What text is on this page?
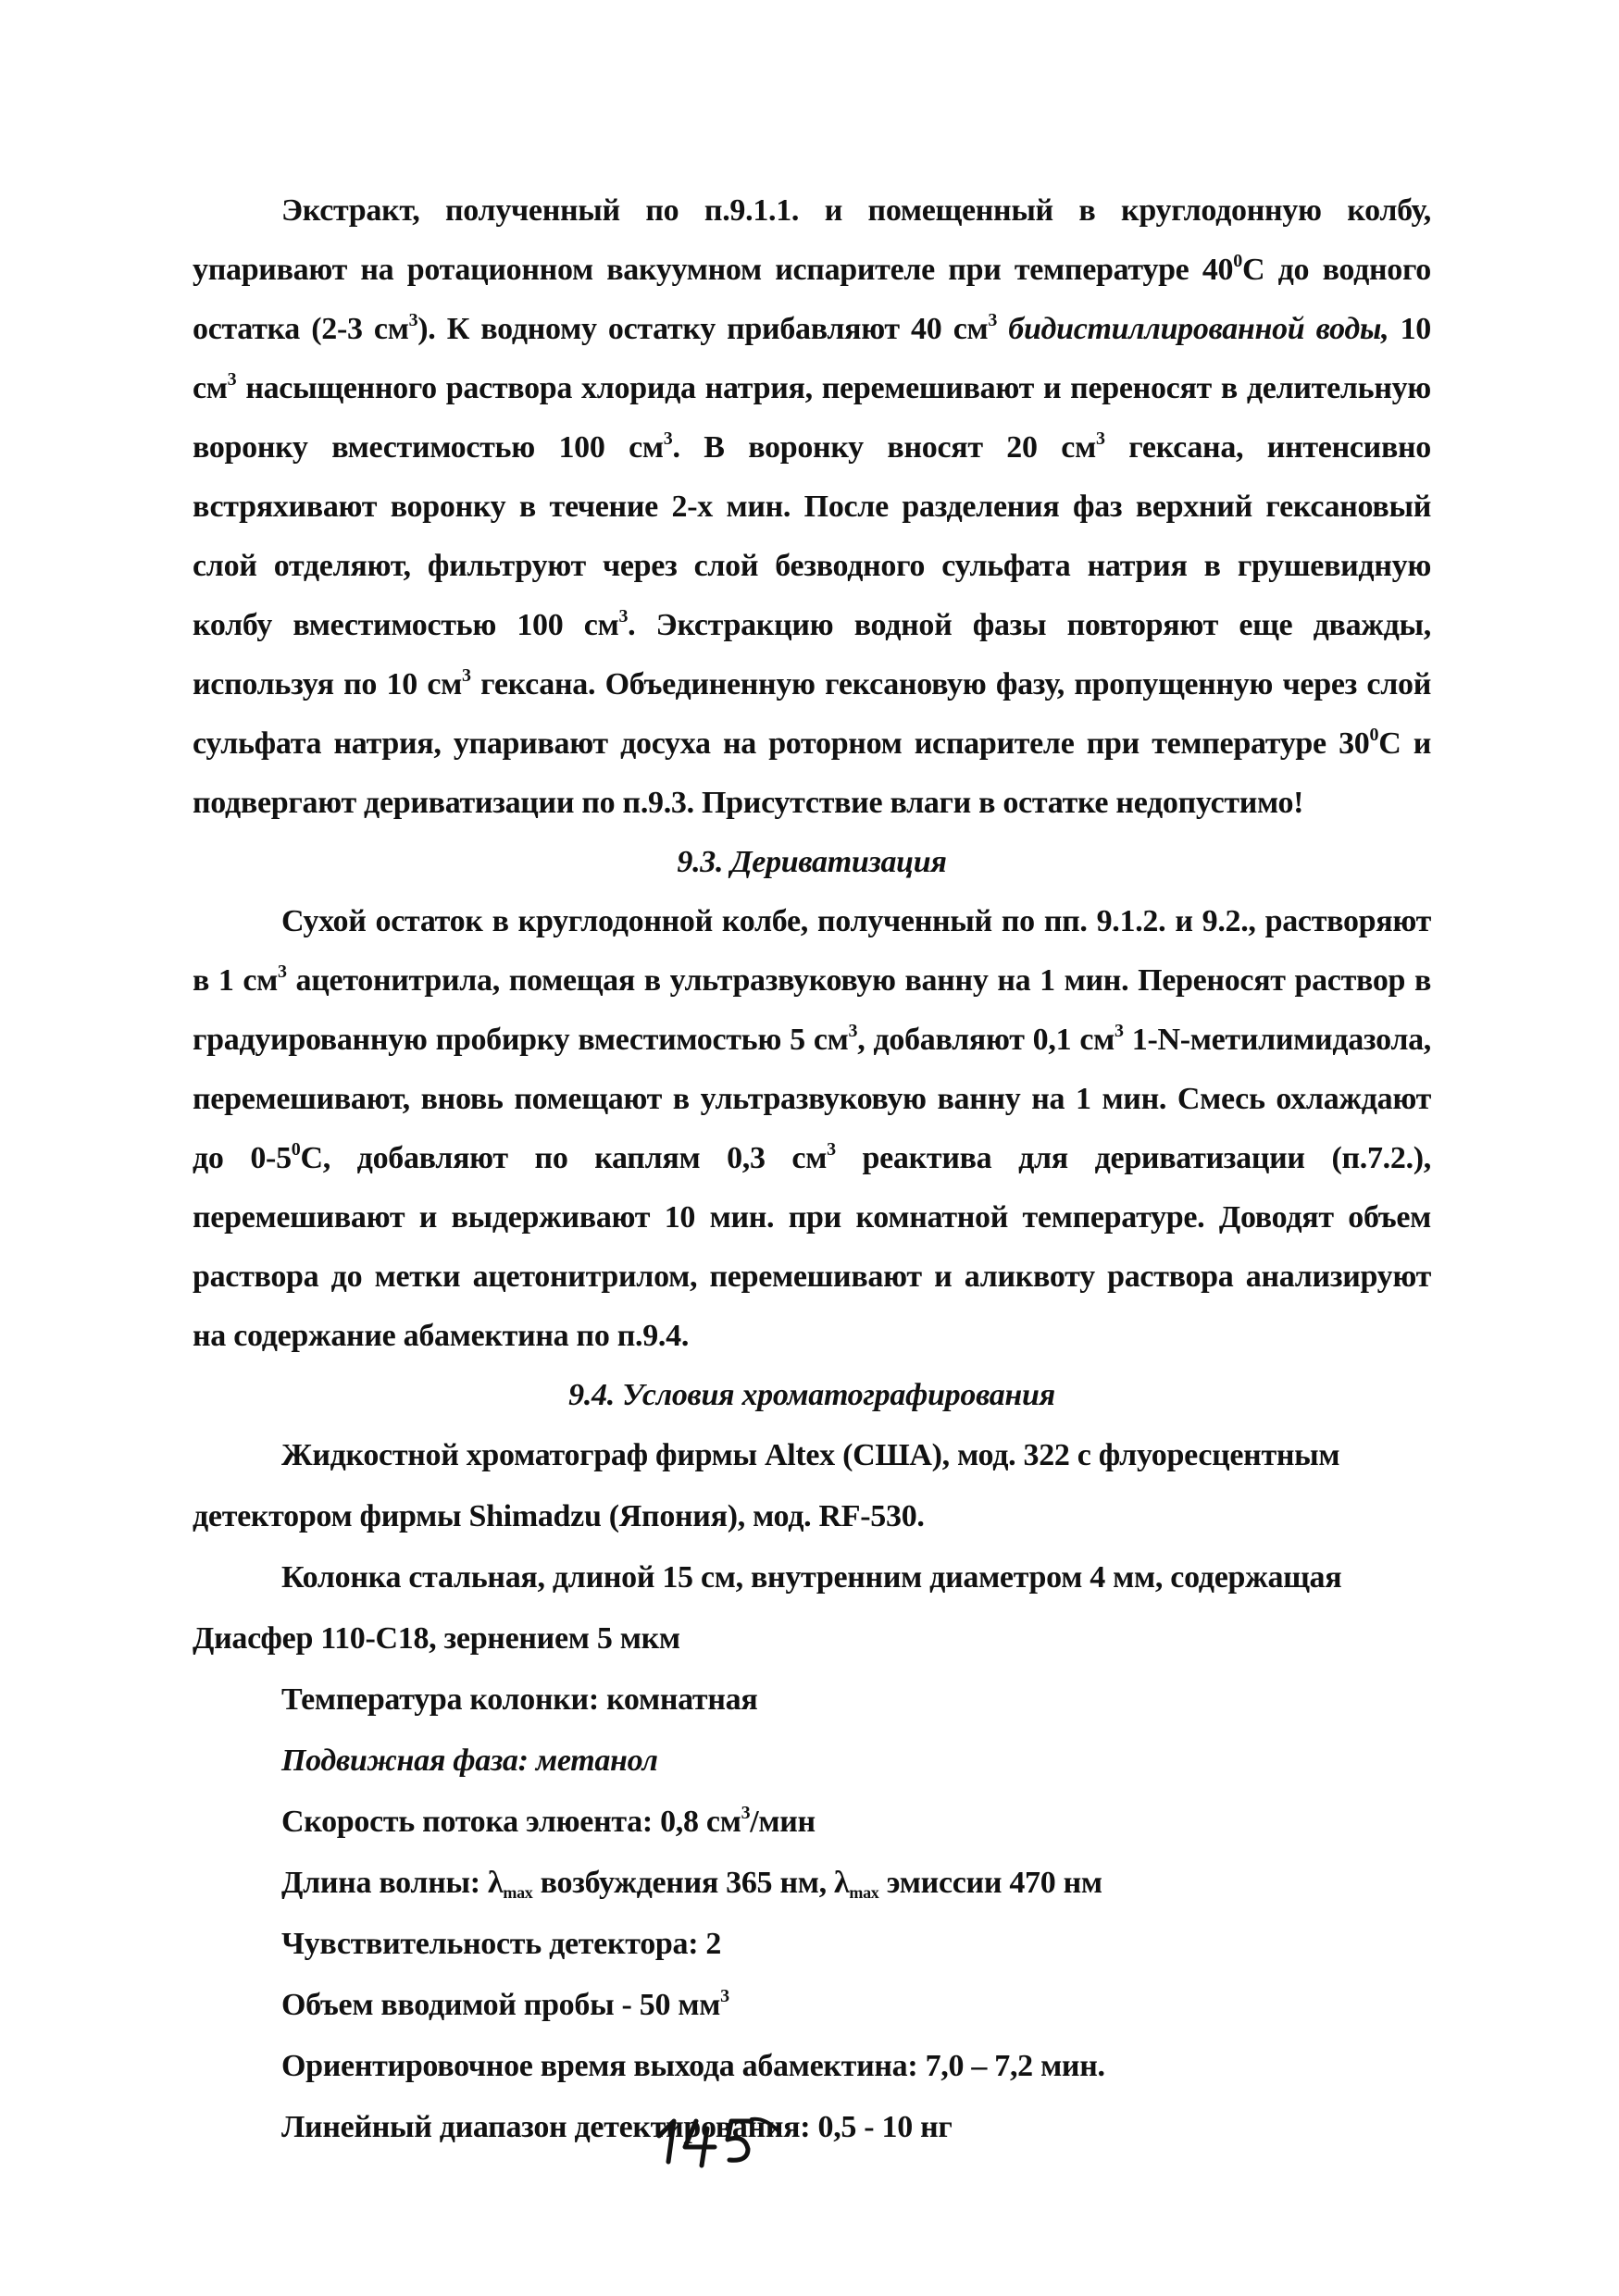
Экстракт, полученный по п.9.1.1. и помещенный в круглодонную колбу, упаривают на ротационном вакуумном испарителе при температуре $40^0С$ до водного остатка (2-3 $см^3$). К водному остатку прибавляют 40 $см^3$ бидистиллированной воды, 10 $см^3$ насыщенного раствора хлорида натрия, перемешивают и переносят в делительную воронку вместимостью 100 $см^3$. В воронку вносят 20 $см^3$ гексана, интенсивно встряхивают воронку в течение 2-х мин. После разделения фаз верхний гексановый слой отделяют, фильтруют через слой безводного сульфата натрия в грушевидную колбу вместимостью 100 $см^3$. Экстракцию водной фазы повторяют еще дважды, используя по 10 $см^3$ гексана. Объединенную гексановую фазу, пропущенную через слой сульфата натрия, упаривают досуха на роторном испарителе при температуре $30^0С$ и подвергают дериватизации по п.9.3. Присутствие влаги в остатке недопустимо!

9.3. Дериватизация

Сухой остаток в круглодонной колбе, полученный по пп. 9.1.2. и 9.2., растворяют в 1 $см^3$ ацетонитрила, помещая в ультразвуковую ванну на 1 мин. Переносят раствор в градуированную пробирку вместимостью 5 $см^3$, добавляют 0,1 $см^3$ 1-N-метилимидазола, перемешивают, вновь помещают в ультразвуковую ванну на 1 мин. Смесь охлаждают до $0-5^0С$, добавляют по каплям 0,3 $см^3$ реактива для дериватизации (п.7.2.), перемешивают и выдерживают 10 мин. при комнатной температуре. Доводят объем раствора до метки ацетонитрилом, перемешивают и аликвоту раствора анализируют на содержание абамектина по п.9.4.

9.4. Условия хроматографирования

Жидкостной хроматограф фирмы Altex (США), мод. 322 с флуоресцентным

детектором фирмы Shimadzu (Япония), мод. RF-530.

Колонка стальная, длиной 15 см, внутренним диаметром 4 мм, содержащая

Диасфер 110-С18, зернением 5 мкм

Температура колонки: комнатная

Подвижная фаза: метанол

Скорость потока элюента: 0,8 $см^3$/мин

Длина волны: $\lambda_{max}$ возбуждения 365 нм, $\lambda_{max}$ эмиссии 470 нм

Чувствительность детектора: 2

Объем вводимой пробы - 50 $мм^3$

Ориентировочное время выхода абамектина: 7,0 – 7,2 мин.

Линейный диапазон детектирования: 0,5 - 10 нг
